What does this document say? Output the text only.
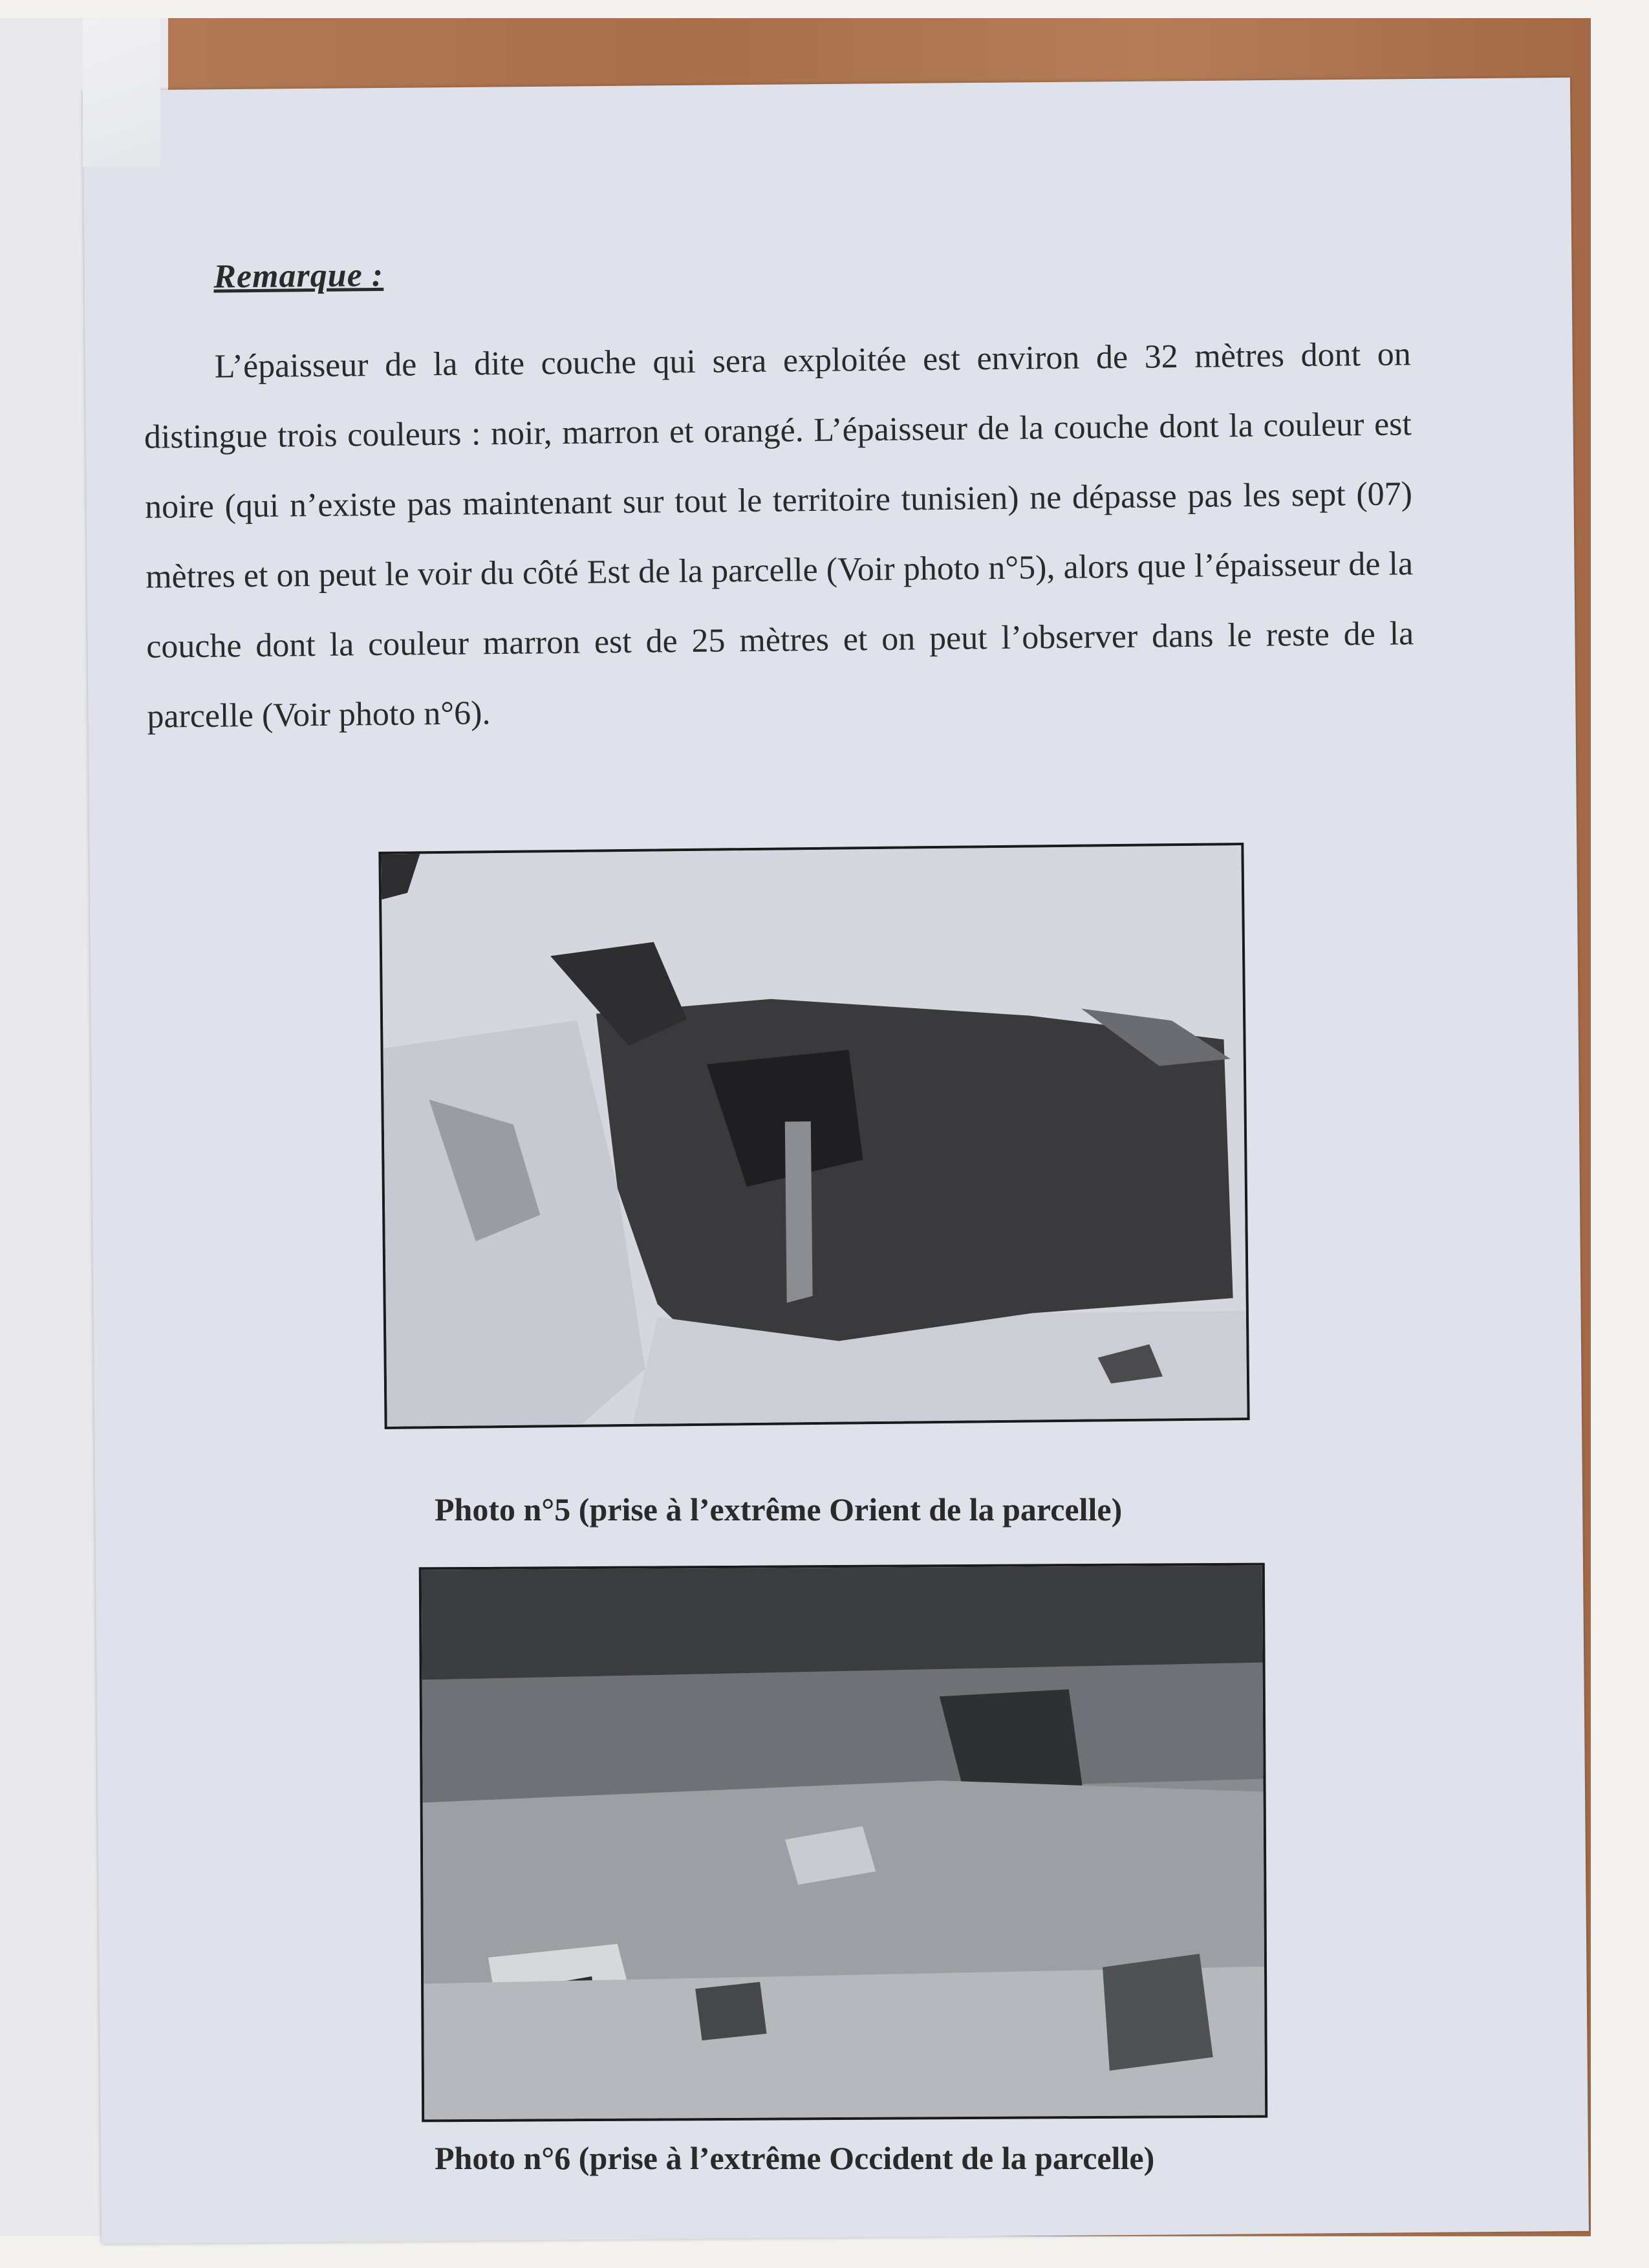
Remarque :
L’épaisseur de la dite couche qui sera exploitée est environ de 32 mètres dont on distingue trois couleurs : noir, marron et orangé. L’épaisseur de la couche dont la couleur est noire (qui n’existe pas maintenant sur tout le territoire tunisien) ne dépasse pas les sept (07) mètres et on peut le voir du côté Est de la parcelle (Voir photo n°5), alors que l’épaisseur de la couche dont la couleur marron est de 25 mètres et on peut l’observer dans le reste de la parcelle (Voir photo n°6).
Photo n°5 (prise à l’extrême Orient de la parcelle)
Photo n°6 (prise à l’extrême Occident de la parcelle)
